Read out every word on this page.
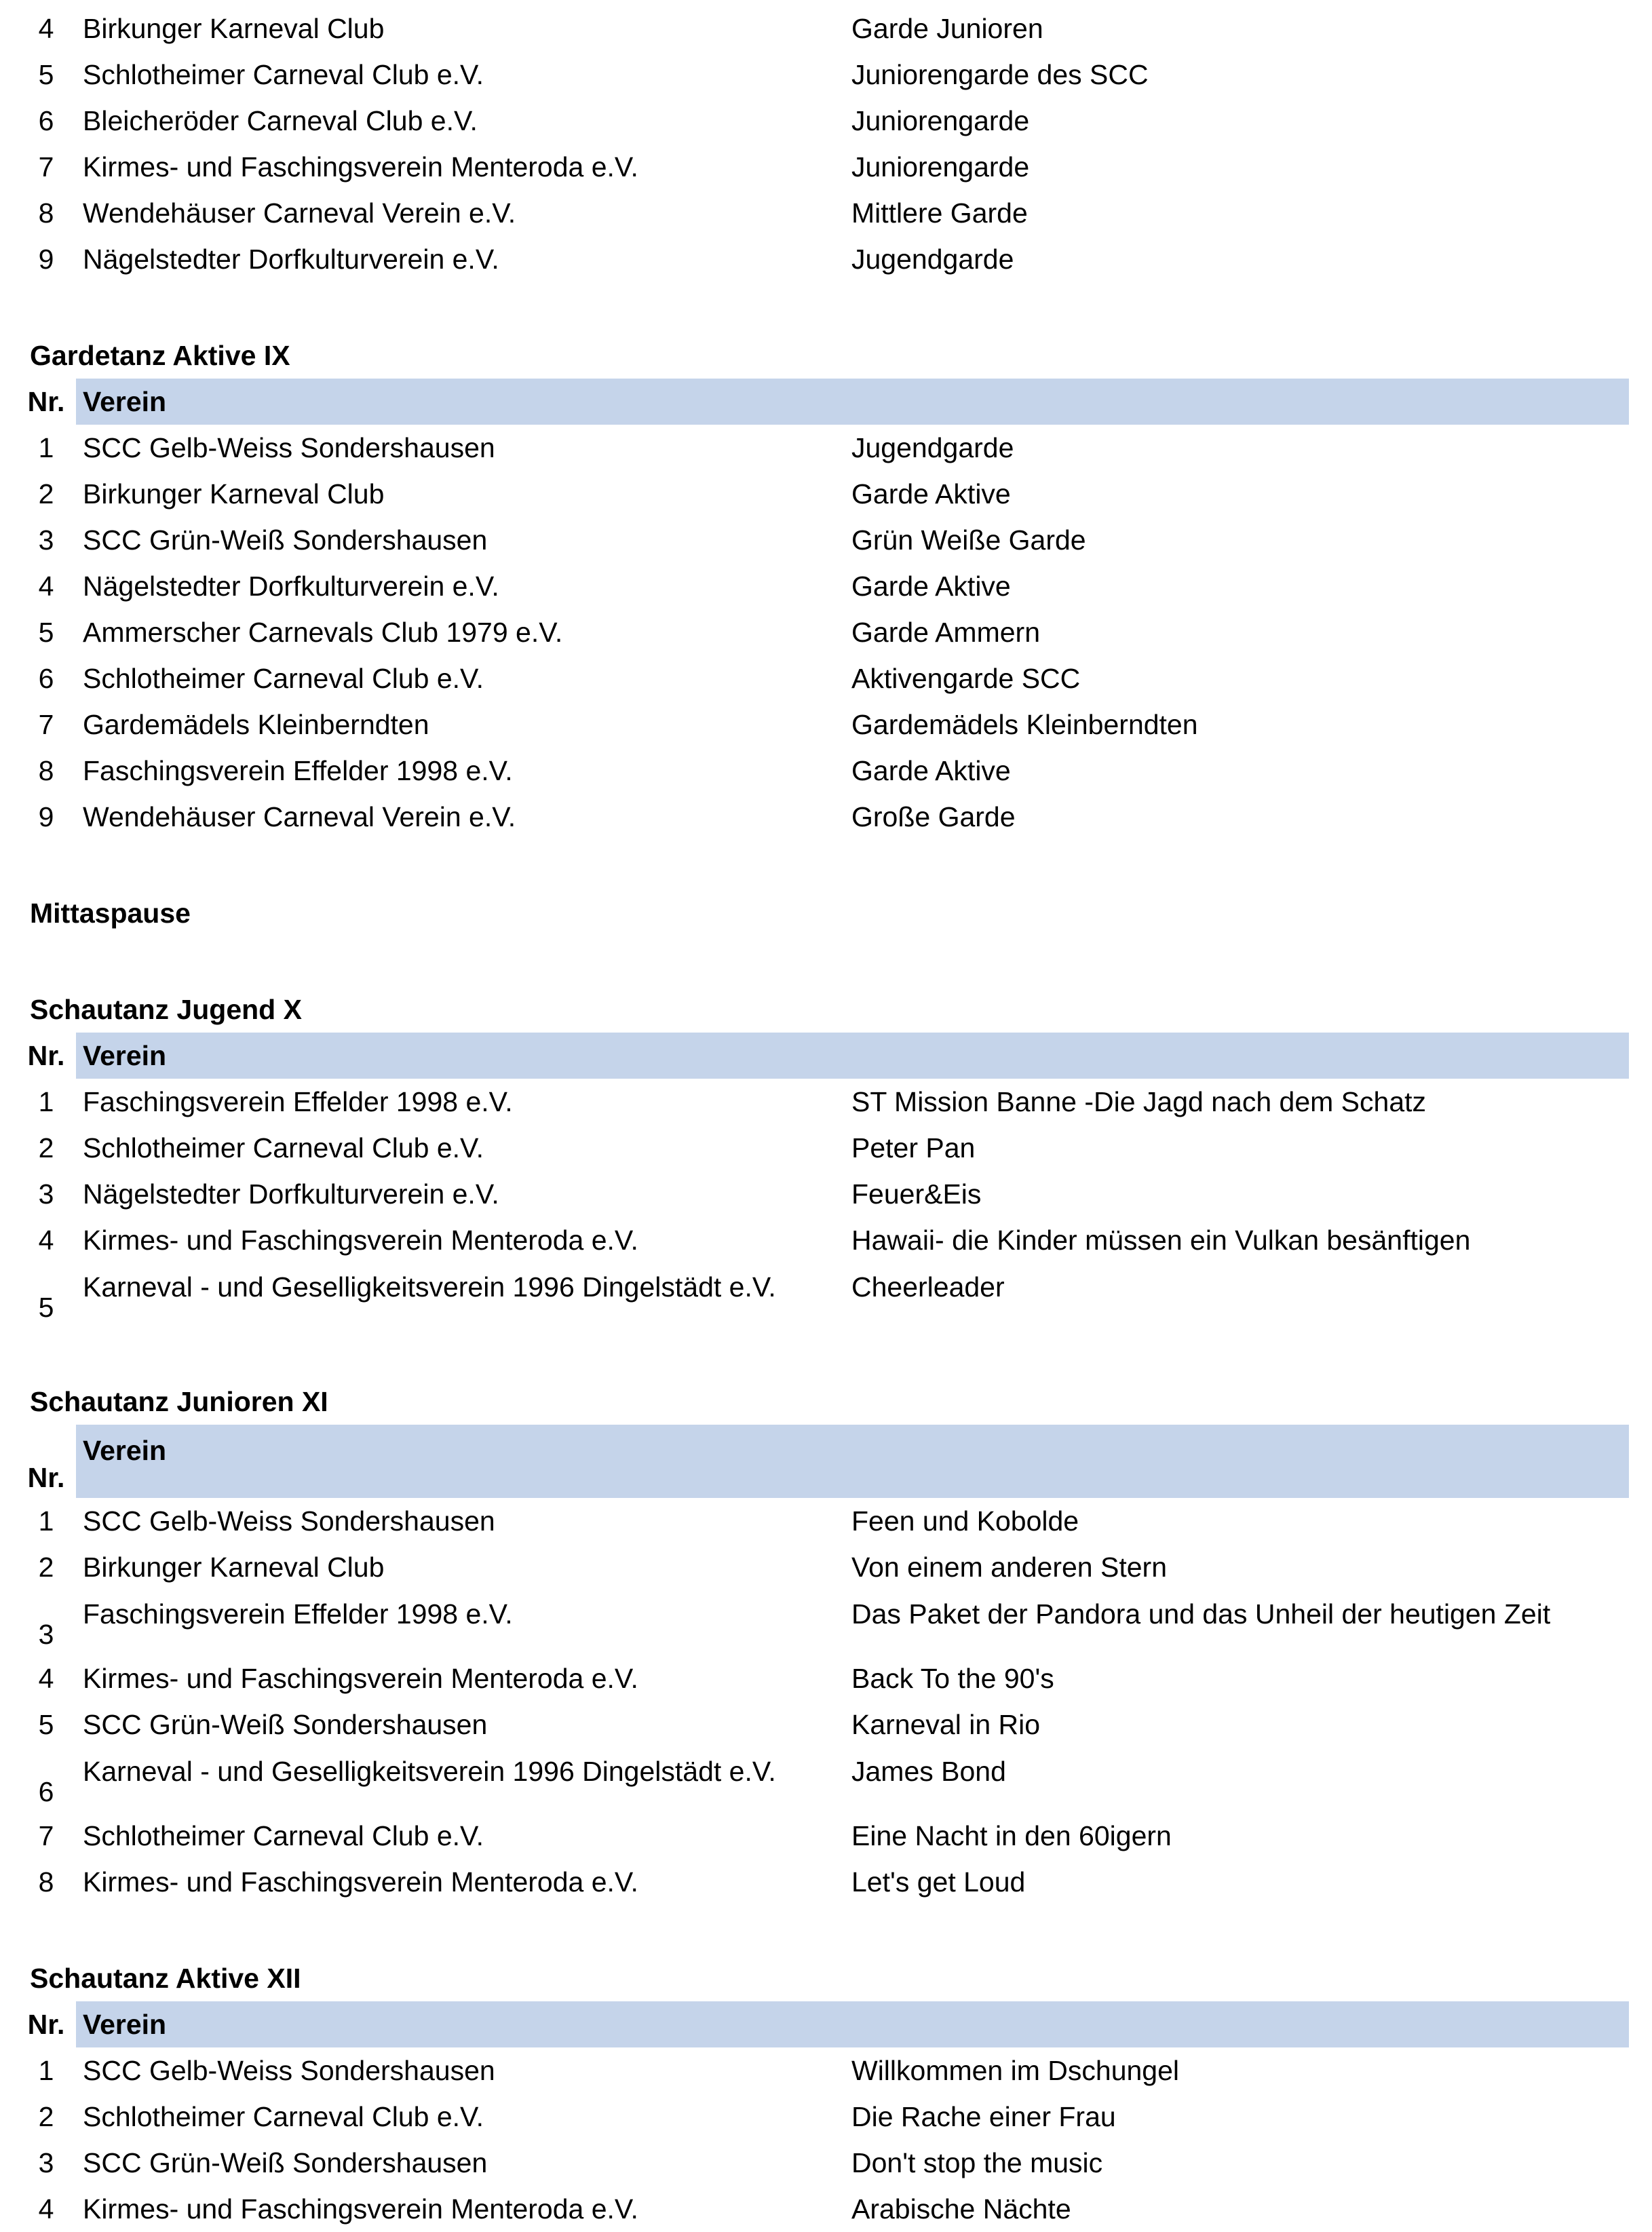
4	Birkunger Karneval Club	Garde Junioren
5	Schlotheimer Carneval Club e.V.	Juniorengarde des SCC
6	Bleicheröder Carneval Club e.V.	Juniorengarde
7	Kirmes- und Faschingsverein Menteroda e.V.	Juniorengarde
8	Wendehäuser Carneval Verein e.V.	Mittlere Garde
9	Nägelstedter Dorfkulturverein e.V.	Jugendgarde

Gardetanz Aktive IX		
Nr.	Verein	
1	SCC Gelb-Weiss Sondershausen	Jugendgarde
2	Birkunger Karneval Club	Garde Aktive
3	SCC Grün-Weiß Sondershausen	Grün Weiße Garde
4	Nägelstedter Dorfkulturverein e.V.	Garde Aktive
5	Ammerscher Carnevals Club 1979 e.V.	Garde Ammern
6	Schlotheimer Carneval Club e.V.	Aktivengarde SCC
7	Gardemädels Kleinberndten	Gardemädels Kleinberndten
8	Faschingsverein Effelder 1998 e.V.	Garde Aktive
9	Wendehäuser Carneval Verein e.V.	Große Garde

Mittaspause		

Schautanz Jugend X		
Nr.	Verein	
1	Faschingsverein Effelder 1998 e.V.	ST Mission Banne -Die Jagd nach dem Schatz
2	Schlotheimer Carneval Club e.V.	Peter Pan
3	Nägelstedter Dorfkulturverein e.V.	Feuer&Eis
4	Kirmes- und Faschingsverein Menteroda e.V.	Hawaii- die Kinder müssen ein Vulkan besänftigen
5	Karneval - und Geselligkeitsverein 1996 Dingelstädt e.V.	Cheerleader

Schautanz Junioren XI		
Nr.	Verein	
1	SCC Gelb-Weiss Sondershausen	Feen und Kobolde
2	Birkunger Karneval Club	Von einem anderen Stern
3	Faschingsverein Effelder 1998 e.V.	Das Paket der Pandora und das Unheil der heutigen Zeit
4	Kirmes- und Faschingsverein Menteroda e.V.	Back To the 90's
5	SCC Grün-Weiß Sondershausen	Karneval in Rio
6	Karneval - und Geselligkeitsverein 1996 Dingelstädt e.V.	James Bond
7	Schlotheimer Carneval Club e.V.	Eine Nacht in den 60igern
8	Kirmes- und Faschingsverein Menteroda e.V.	Let's get Loud

Schautanz Aktive XII		
Nr.	Verein	
1	SCC Gelb-Weiss Sondershausen	Willkommen im Dschungel
2	Schlotheimer Carneval Club e.V.	Die Rache einer Frau
3	SCC Grün-Weiß Sondershausen	Don't stop the music
4	Kirmes- und Faschingsverein Menteroda e.V.	Arabische Nächte
